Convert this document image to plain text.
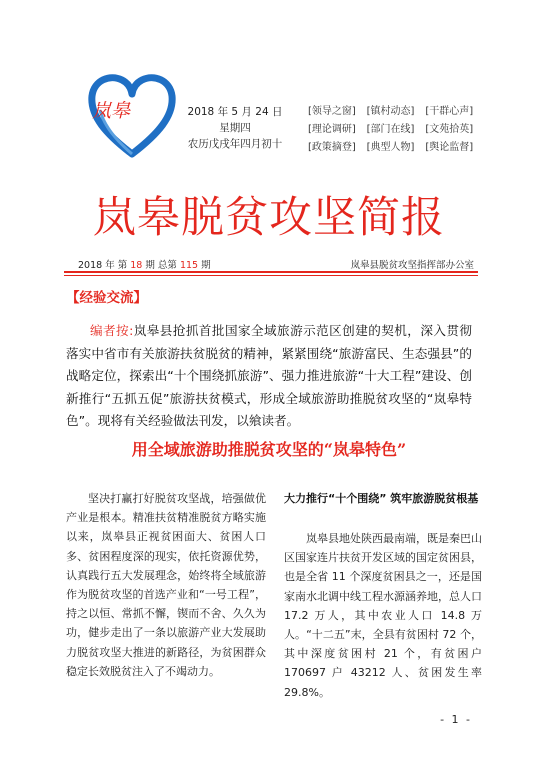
岚皋	2018 年 5 月 24 日
星期四
农历戊戌年四月初十
[领导之窗]	[镇村动态]	[干群心声]
[理论调研]	[部门在线]	[文苑拾英]
[政策摘登]	[典型人物]	[舆论监督]
岚皋脱贫攻坚简报
2018 年 第 18 期 总第 115 期	岚皋县脱贫攻坚指挥部办公室
【经验交流】
编者按:岚皋县抢抓首批国家全域旅游示范区创建的契机，深入贯彻落实中省市有关旅游扶贫脱贫的精神，紧紧围绕“旅游富民、生态强县”的战略定位，探索出“十个围绕抓旅游”、强力推进旅游“十大工程”建设、创新推行“五抓五促”旅游扶贫模式，形成全域旅游助推脱贫攻坚的“岚皋特色”。现将有关经验做法刊发，以飨读者。
用全域旅游助推脱贫攻坚的“岚皋特色”
坚决打赢打好脱贫攻坚战，培强做优产业是根本。精准扶贫精准脱贫方略实施以来，岚皋县正视贫困面大、贫困人口多、贫困程度深的现实，依托资源优势，认真践行五大发展理念，始终将全域旅游作为脱贫攻坚的首选产业和“一号工程”，持之以恒、常抓不懈，锲而不舍、久久为功，健步走出了一条以旅游产业大发展助力脱贫攻坚大推进的新路径，为贫困群众稳定长效脱贫注入了不竭动力。
大力推行“十个围绕” 筑牢旅游脱贫根基
岚皋县地处陕西最南端，既是秦巴山区国家连片扶贫开发区域的国定贫困县，也是全省 11 个深度贫困县之一，还是国家南水北调中线工程水源涵养地，总人口 17.2 万人，其中农业人口 14.8 万人。“十二五”末，全县有贫困村 72 个，其中深度贫困村 21 个，有贫困户 170697 户 43212 人、贫困发生率 29.8%。
- 1 -
